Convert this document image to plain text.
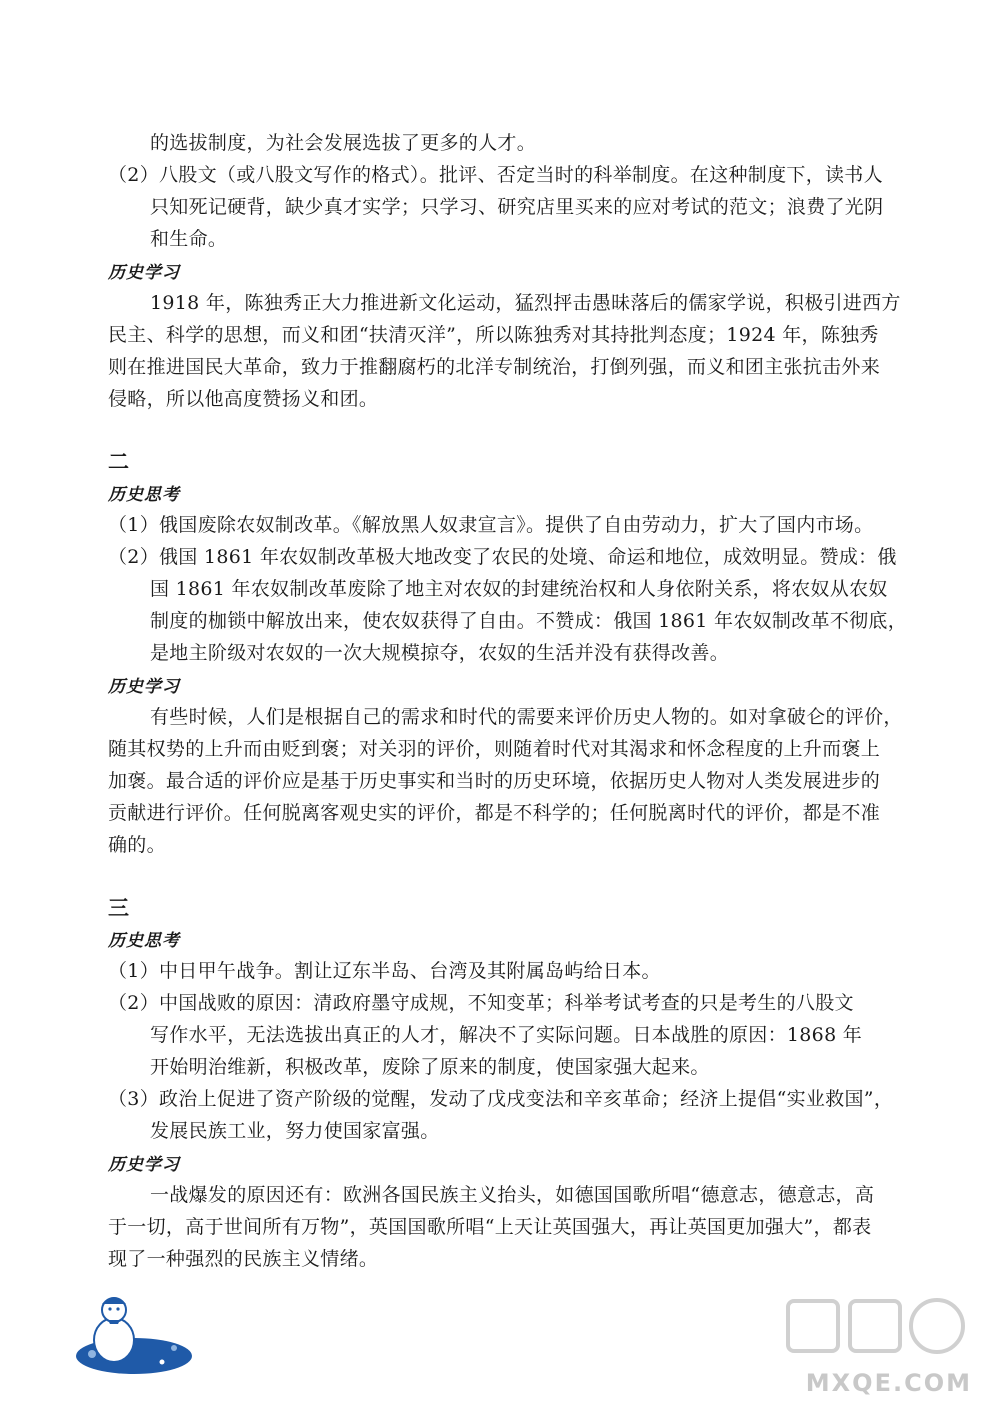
的选拔制度，为社会发展选拔了更多的人才。
（2）八股文（或八股文写作的格式）。批评、否定当时的科举制度。在这种制度下，读书人
只知死记硬背，缺少真才实学；只学习、研究店里买来的应对考试的范文；浪费了光阴
和生命。
1918 年，陈独秀正大力推进新文化运动，猛烈抨击愚昧落后的儒家学说，积极引进西方
民主、科学的思想，而义和团“扶清灭洋”，所以陈独秀对其持批判态度；1924 年，陈独秀
则在推进国民大革命，致力于推翻腐朽的北洋专制统治，打倒列强，而义和团主张抗击外来
侵略，所以他高度赞扬义和团。
（1）俄国废除农奴制改革。《解放黑人奴隶宣言》。提供了自由劳动力，扩大了国内市场。
（2）俄国 1861 年农奴制改革极大地改变了农民的处境、命运和地位，成效明显。赞成：俄
国 1861 年农奴制改革废除了地主对农奴的封建统治权和人身依附关系，将农奴从农奴
制度的枷锁中解放出来，使农奴获得了自由。不赞成：俄国 1861 年农奴制改革不彻底，
是地主阶级对农奴的一次大规模掠夺，农奴的生活并没有获得改善。
有些时候，人们是根据自己的需求和时代的需要来评价历史人物的。如对拿破仑的评价，
随其权势的上升而由贬到褒；对关羽的评价，则随着时代对其渴求和怀念程度的上升而褒上
加褒。最合适的评价应是基于历史事实和当时的历史环境，依据历史人物对人类发展进步的
贡献进行评价。任何脱离客观史实的评价，都是不科学的；任何脱离时代的评价，都是不准
确的。
（1）中日甲午战争。割让辽东半岛、台湾及其附属岛屿给日本。
（2）中国战败的原因：清政府墨守成规，不知变革；科举考试考查的只是考生的八股文
写作水平，无法选拔出真正的人才，解决不了实际问题。日本战胜的原因：1868 年
开始明治维新，积极改革，废除了原来的制度，使国家强大起来。
（3）政治上促进了资产阶级的觉醒，发动了戊戌变法和辛亥革命；经济上提倡“实业救国”，
发展民族工业，努力使国家富强。
一战爆发的原因还有：欧洲各国民族主义抬头，如德国国歌所唱“德意志，德意志，高
于一切，高于世间所有万物”，英国国歌所唱“上天让英国强大，再让英国更加强大”，都表
现了一种强烈的民族主义情绪。
历史学习
历史思考
历史学习
历史思考
历史学习
二
三
18
MXQE.COM
